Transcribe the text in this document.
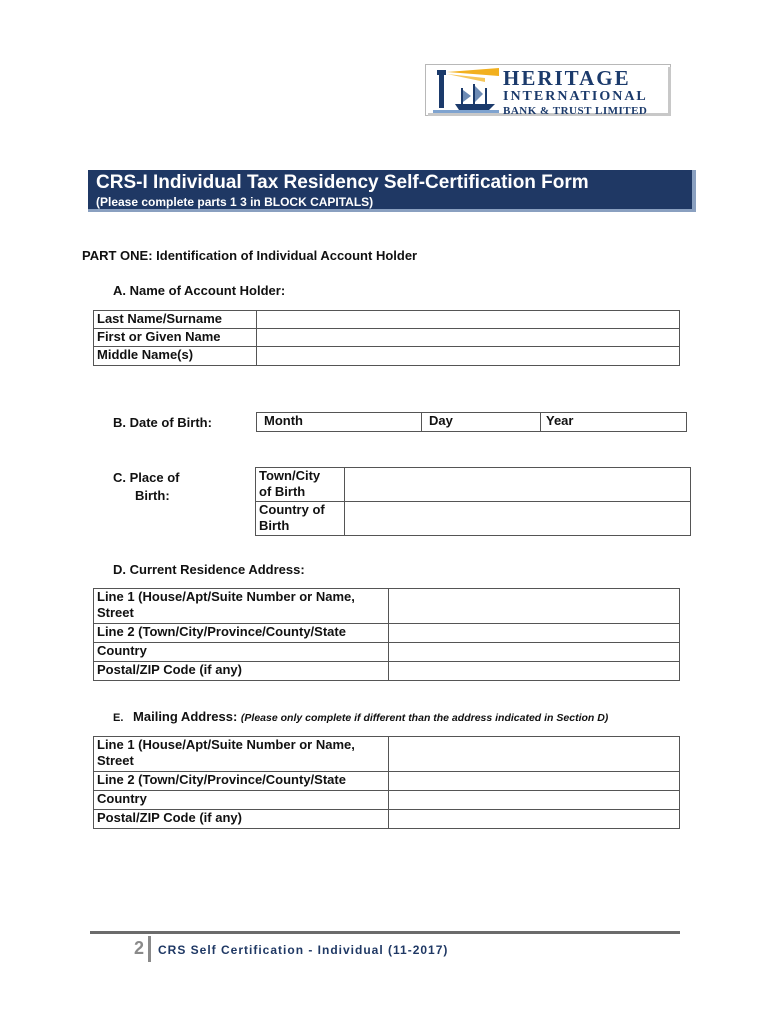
HERITAGE
INTERNATIONAL
BANK & TRUST LIMITED
CRS-I Individual Tax Residency Self-Certification Form
(Please complete parts 1 3 in BLOCK CAPITALS)
PART ONE: Identification of Individual Account Holder
A. Name of Account Holder:
Last Name/Surname	
First or Given Name	
Middle Name(s)	
B. Date of Birth:	Month	Day	Year
C. Place of
Birth:
Town/City
of Birth	

Country of
Birth	

D. Current Residence Address:
Line 1 (House/Apt/Suite Number or Name,
Street	

Line 2 (Town/City/Province/County/State	
Country	
Postal/ZIP Code (if any)	
E. Mailing Address: (Please only complete if different than the address indicated in Section D)
Line 1 (House/Apt/Suite Number or Name,
Street	

Line 2 (Town/City/Province/County/State	
Country	
Postal/ZIP Code (if any)	
2 CRS Self Certification - Individual (11-2017)
